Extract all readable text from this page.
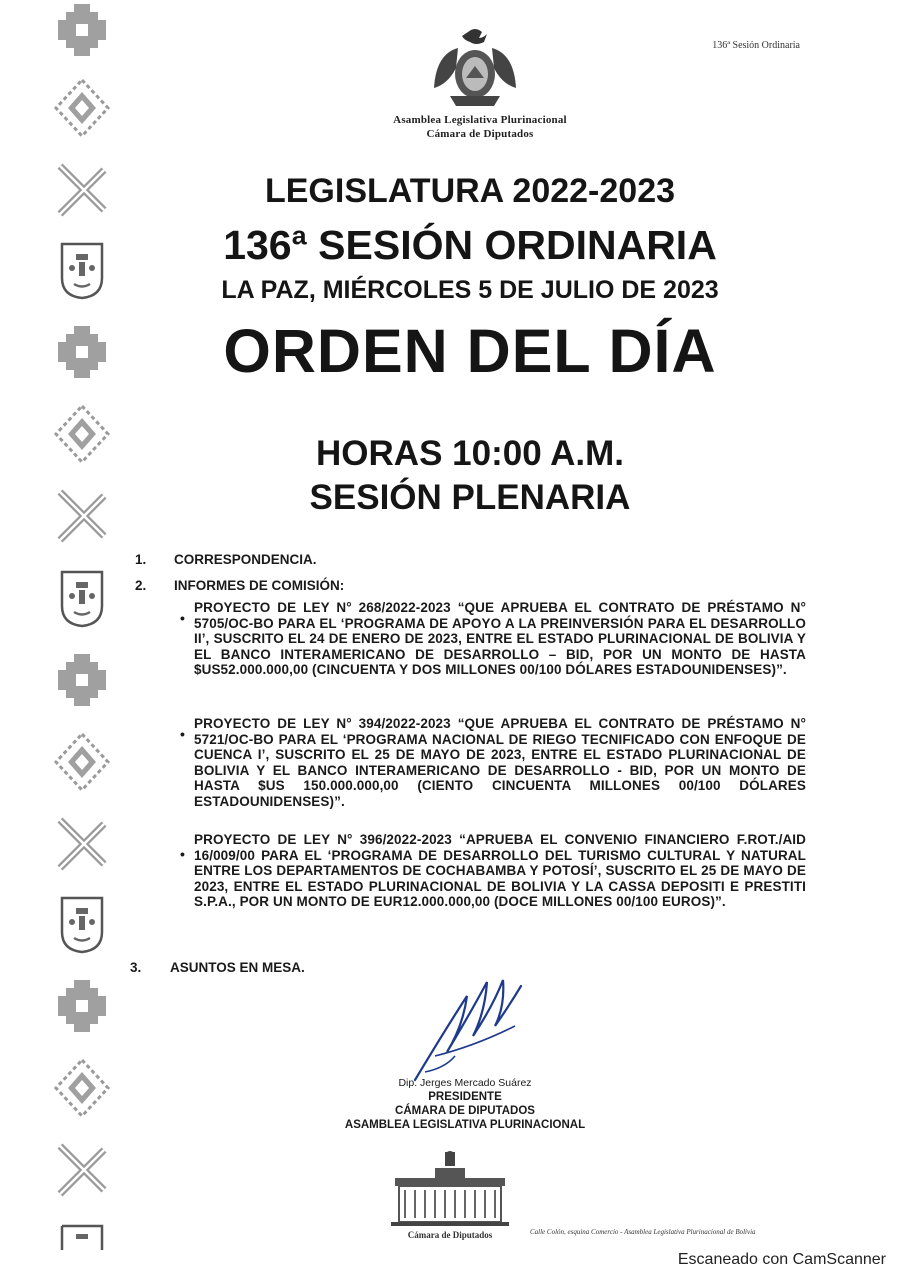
136ª Sesión Ordinaria
Asamblea Legislativa Plurinacional
Cámara de Diputados
LEGISLATURA 2022-2023
136ª SESIÓN ORDINARIA
LA PAZ, MIÉRCOLES 5 DE JULIO DE 2023
ORDEN DEL DÍA
HORAS 10:00 A.M.
SESIÓN PLENARIA
1.	CORRESPONDENCIA.
2.	INFORMES DE COMISIÓN:
•
PROYECTO DE LEY N° 268/2022-2023 “QUE APRUEBA EL CONTRATO DE PRÉSTAMO N° 5705/OC-BO PARA EL ‘PROGRAMA DE APOYO A LA PREINVERSIÓN PARA EL DESARROLLO II’, SUSCRITO EL 24 DE ENERO DE 2023, ENTRE EL ESTADO PLURINACIONAL DE BOLIVIA Y EL BANCO INTERAMERICANO DE DESARROLLO – BID, POR UN MONTO DE HASTA $US52.000.000,00 (CINCUENTA Y DOS MILLONES 00/100 DÓLARES ESTADOUNIDENSES)”.
•
PROYECTO DE LEY N° 394/2022-2023 “QUE APRUEBA EL CONTRATO DE PRÉSTAMO N° 5721/OC-BO PARA EL ‘PROGRAMA NACIONAL DE RIEGO TECNIFICADO CON ENFOQUE DE CUENCA I’, SUSCRITO EL 25 DE MAYO DE 2023, ENTRE EL ESTADO PLURINACIONAL DE BOLIVIA Y EL BANCO INTERAMERICANO DE DESARROLLO - BID, POR UN MONTO DE HASTA $US 150.000.000,00 (CIENTO CINCUENTA MILLONES 00/100 DÓLARES ESTADOUNIDENSES)”.
•
PROYECTO DE LEY N° 396/2022-2023 “APRUEBA EL CONVENIO FINANCIERO F.ROT./AID 16/009/00 PARA EL ‘PROGRAMA DE DESARROLLO DEL TURISMO CULTURAL Y NATURAL ENTRE LOS DEPARTAMENTOS DE COCHABAMBA Y POTOSÍ’, SUSCRITO EL 25 DE MAYO DE 2023, ENTRE EL ESTADO PLURINACIONAL DE BOLIVIA Y LA CASSA DEPOSITI E PRESTITI S.P.A., POR UN MONTO DE EUR12.000.000,00 (DOCE MILLONES 00/100 EUROS)”.
3.	ASUNTOS EN MESA.
Dip. Jerges Mercado Suárez
PRESIDENTE
CÁMARA DE DIPUTADOS
ASAMBLEA LEGISLATIVA PLURINACIONAL
Cámara de Diputados	Calle Colón, esquina Comercio - Asamblea Legislativa Plurinacional de Bolivia
Escaneado con CamScanner
